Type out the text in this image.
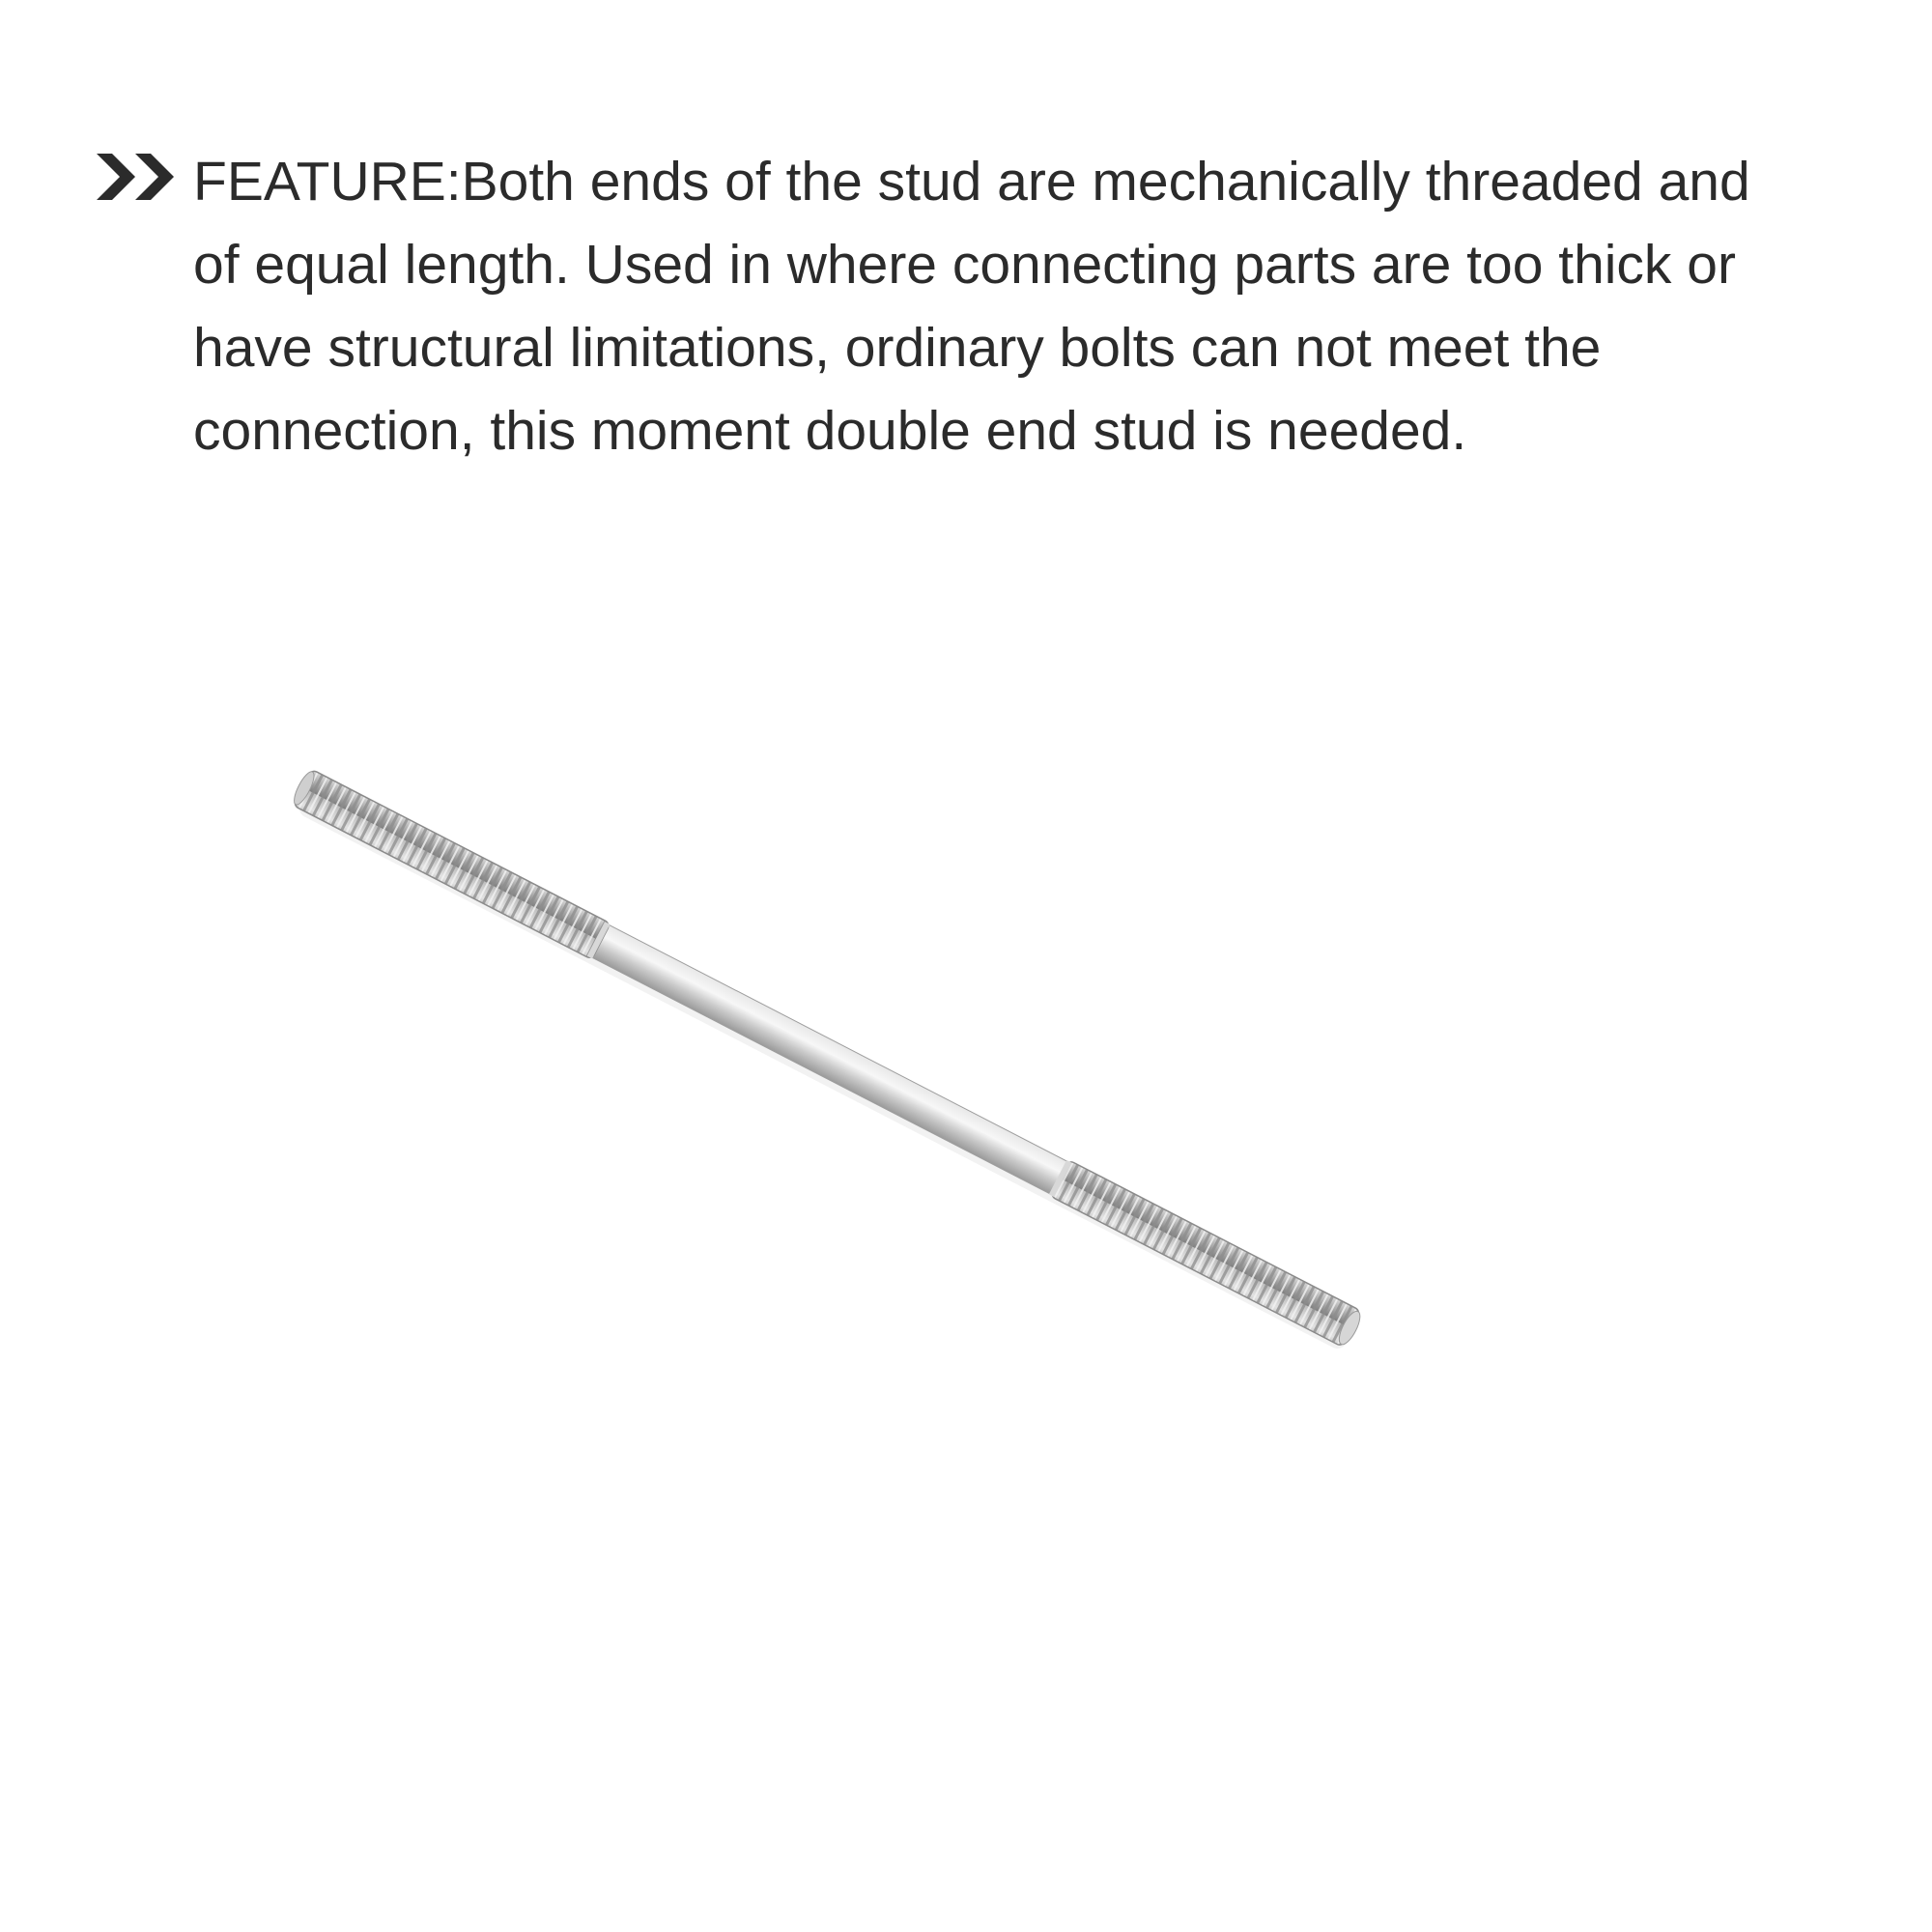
FEATURE:Both ends of the stud are mechanically threaded and
of equal length. Used in where connecting parts are too thick or
have structural limitations, ordinary bolts can not meet the
connection, this moment double end stud is needed.
